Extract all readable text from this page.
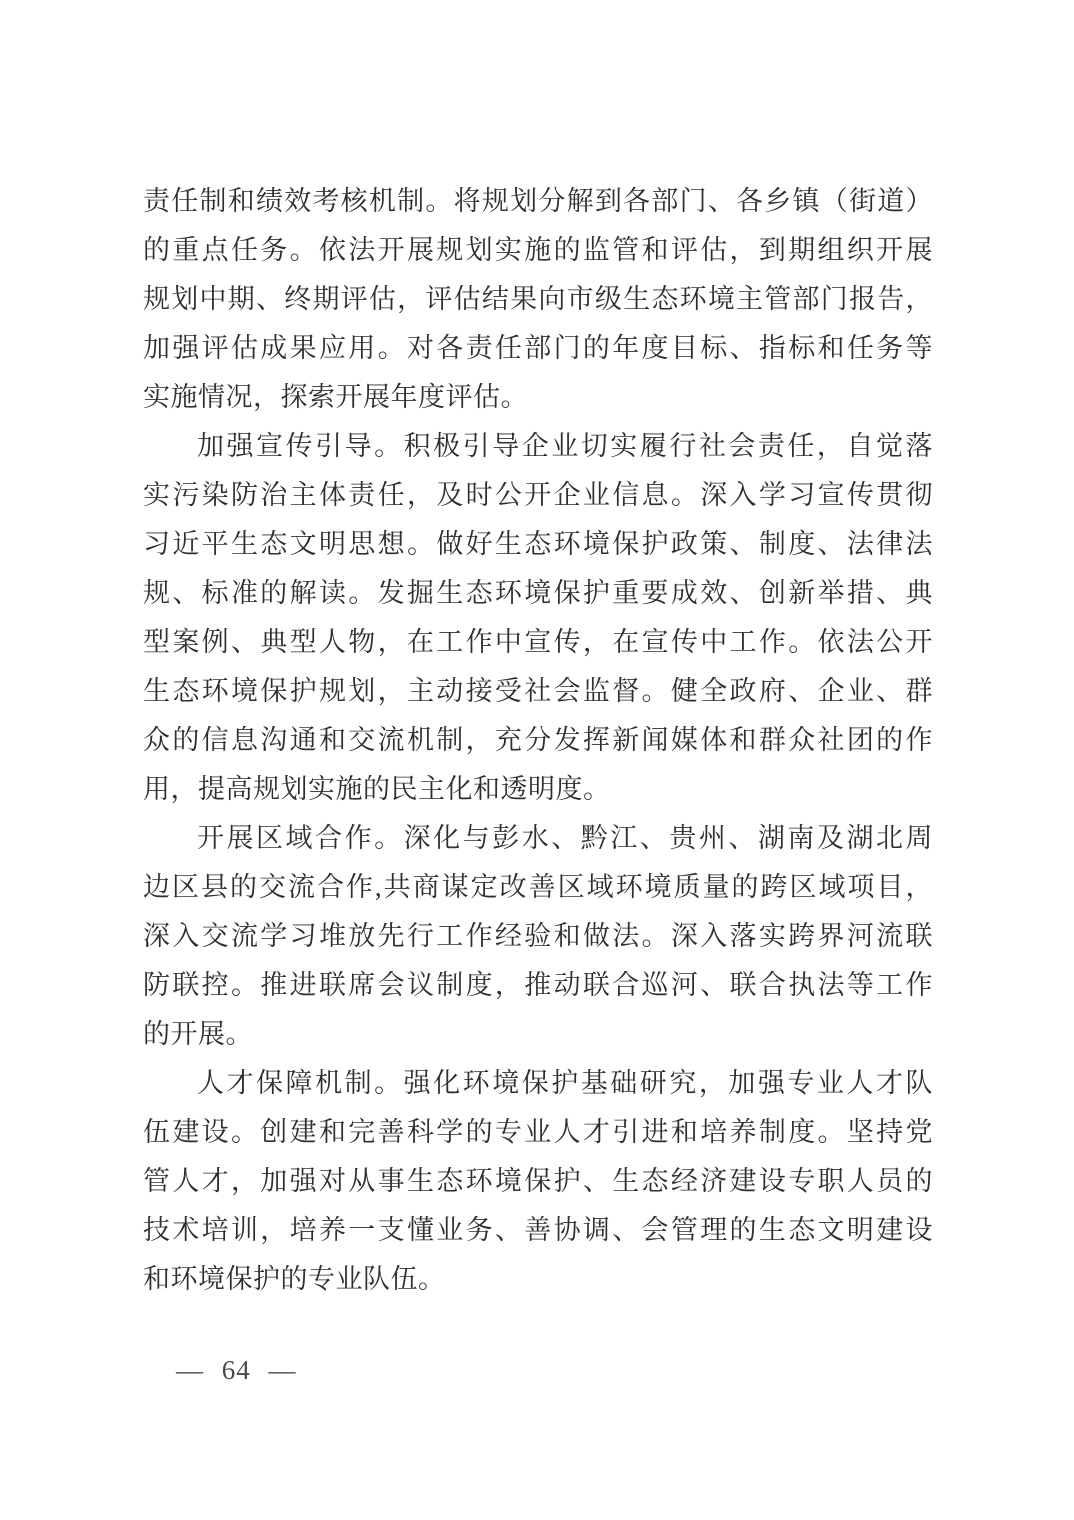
责任制和绩效考核机制。将规划分解到各部门、各乡镇（街道）
的重点任务。依法开展规划实施的监管和评估，到期组织开展
规划中期、终期评估，评估结果向市级生态环境主管部门报告，
加强评估成果应用。对各责任部门的年度目标、指标和任务等
实施情况，探索开展年度评估。
加强宣传引导。积极引导企业切实履行社会责任，自觉落
实污染防治主体责任，及时公开企业信息。深入学习宣传贯彻
习近平生态文明思想。做好生态环境保护政策、制度、法律法
规、标准的解读。发掘生态环境保护重要成效、创新举措、典
型案例、典型人物，在工作中宣传，在宣传中工作。依法公开
生态环境保护规划，主动接受社会监督。健全政府、企业、群
众的信息沟通和交流机制，充分发挥新闻媒体和群众社团的作
用，提高规划实施的民主化和透明度。
开展区域合作。深化与彭水、黔江、贵州、湖南及湖北周
边区县的交流合作,共商谋定改善区域环境质量的跨区域项目，
深入交流学习堆放先行工作经验和做法。深入落实跨界河流联
防联控。推进联席会议制度，推动联合巡河、联合执法等工作
的开展。
人才保障机制。强化环境保护基础研究，加强专业人才队
伍建设。创建和完善科学的专业人才引进和培养制度。坚持党
管人才，加强对从事生态环境保护、生态经济建设专职人员的
技术培训，培养一支懂业务、善协调、会管理的生态文明建设
和环境保护的专业队伍。
— 64 —
